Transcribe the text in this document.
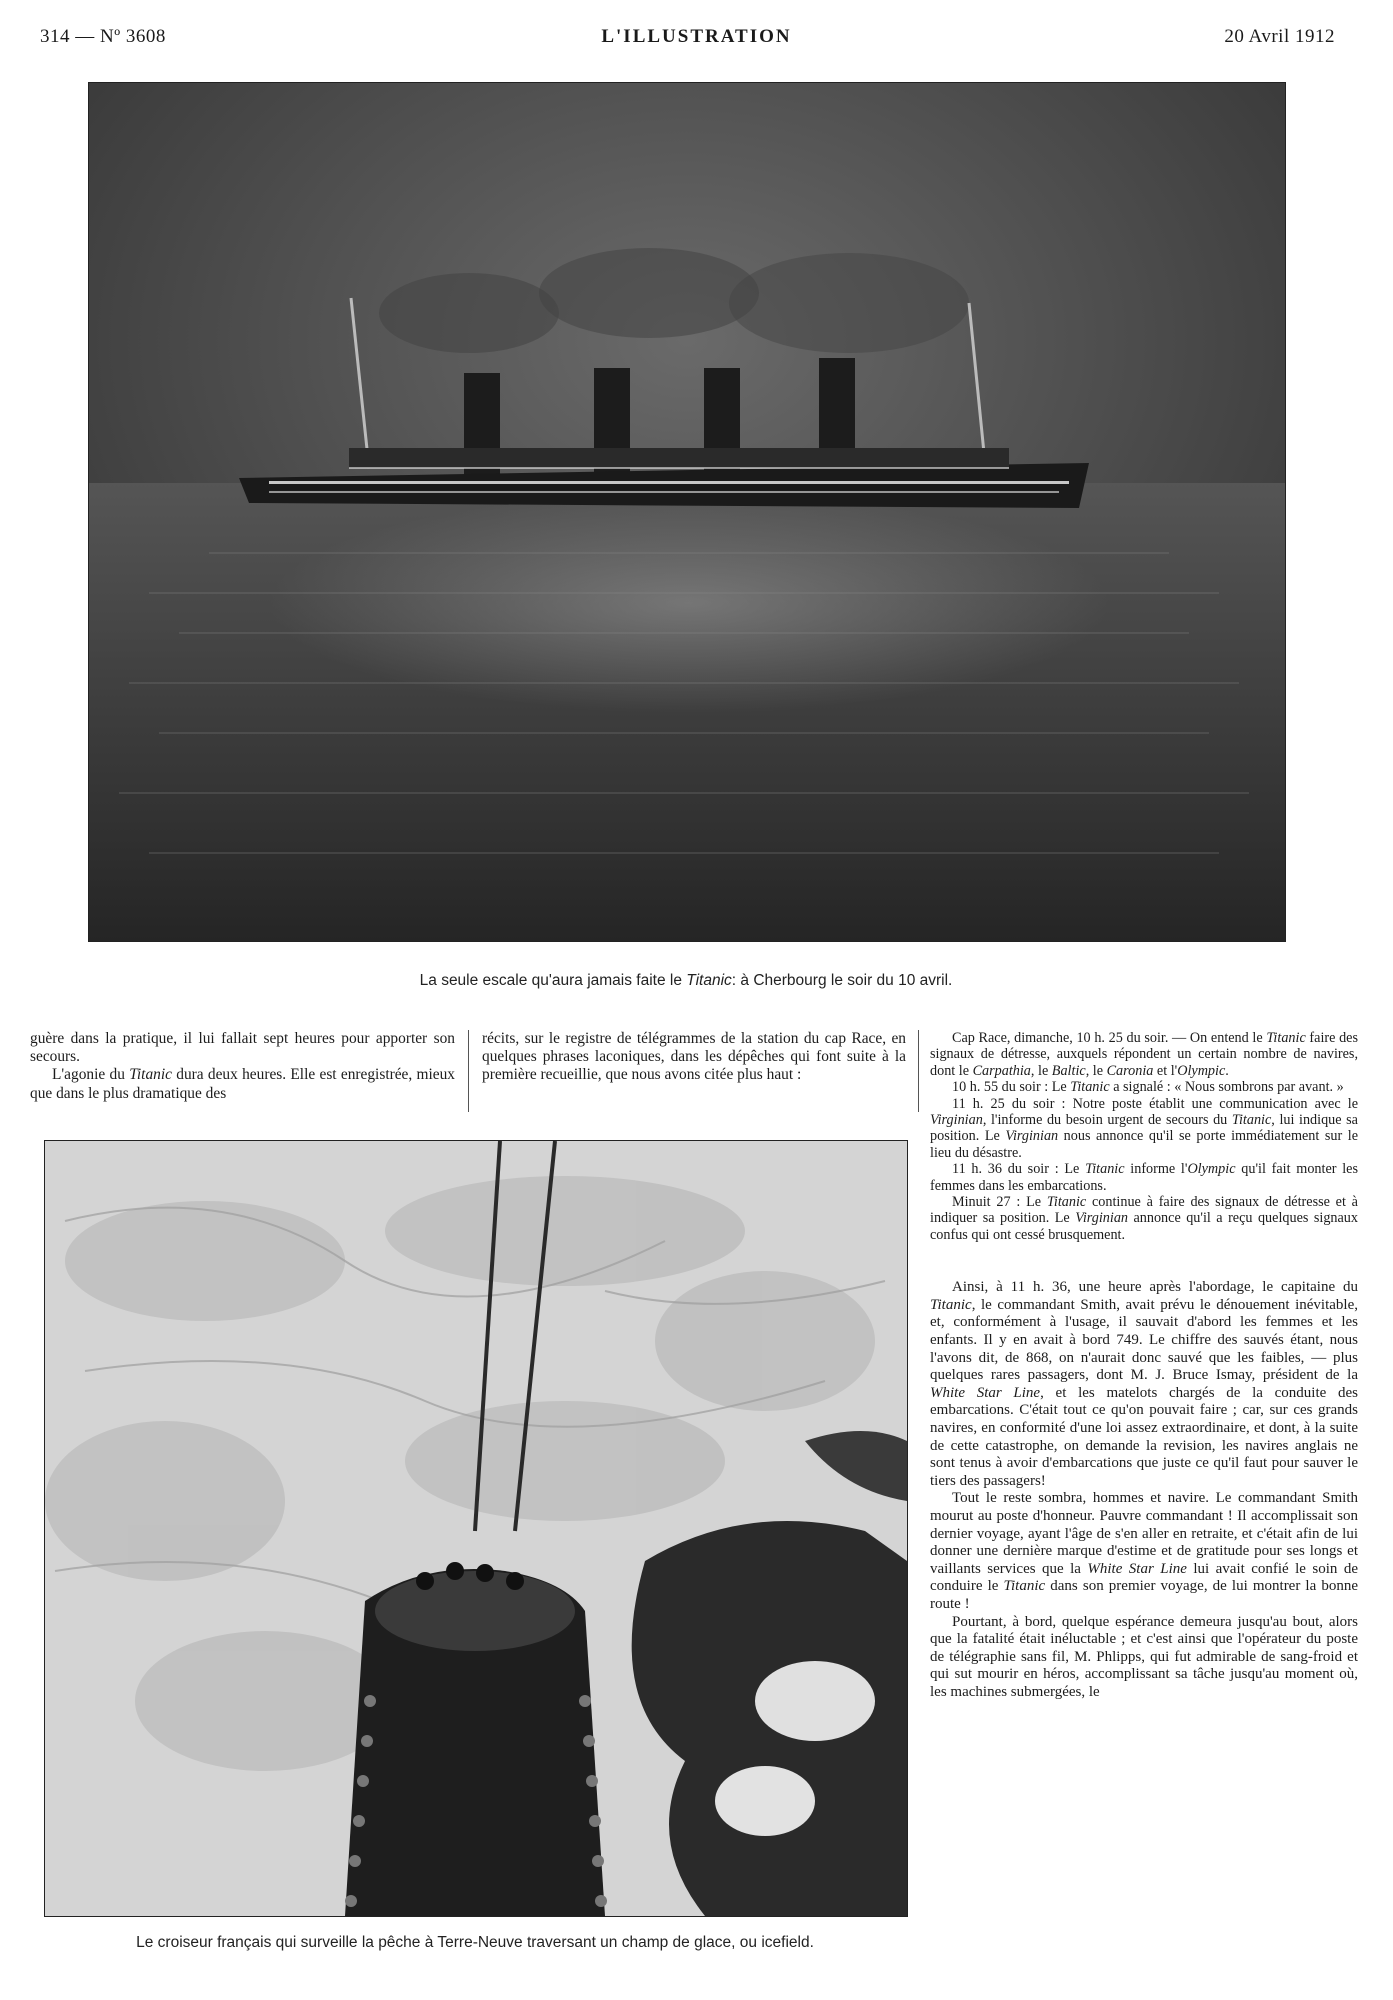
314 — Nº 3608	L'ILLUSTRATION	20 Avril 1912
La seule escale qu'aura jamais faite le Titanic: à Cherbourg le soir du 10 avril.

guère dans la pratique, il lui fallait sept heures pour apporter son secours.

L'agonie du Titanic dura deux heures. Elle est enregistrée, mieux que dans le plus dramatique des

récits, sur le registre de télégrammes de la station du cap Race, en quelques phrases laconiques, dans les dépêches qui font suite à la première recueillie, que nous avons citée plus haut :

Le croiseur français qui surveille la pêche à Terre-Neuve traversant un champ de glace, ou icefield.

Cap Race, dimanche, 10 h. 25 du soir. — On entend le Titanic faire des signaux de détresse, auxquels répondent un certain nombre de navires, dont le Carpathia, le Baltic, le Caronia et l'Olympic.

10 h. 55 du soir : Le Titanic a signalé : « Nous sombrons par avant. »

11 h. 25 du soir : Notre poste établit une communication avec le Virginian, l'informe du besoin urgent de secours du Titanic, lui indique sa position. Le Virginian nous annonce qu'il se porte immédiatement sur le lieu du désastre.

11 h. 36 du soir : Le Titanic informe l'Olympic qu'il fait monter les femmes dans les embarcations.

Minuit 27 : Le Titanic continue à faire des signaux de détresse et à indiquer sa position. Le Virginian annonce qu'il a reçu quelques signaux confus qui ont cessé brusquement.

Ainsi, à 11 h. 36, une heure après l'abordage, le capitaine du Titanic, le commandant Smith, avait prévu le dénouement inévitable, et, conformément à l'usage, il sauvait d'abord les femmes et les enfants. Il y en avait à bord 749. Le chiffre des sauvés étant, nous l'avons dit, de 868, on n'aurait donc sauvé que les faibles, — plus quelques rares passagers, dont M. J. Bruce Ismay, président de la White Star Line, et les matelots chargés de la conduite des embarcations. C'était tout ce qu'on pouvait faire ; car, sur ces grands navires, en conformité d'une loi assez extraordinaire, et dont, à la suite de cette catastrophe, on demande la revision, les navires anglais ne sont tenus à avoir d'embarcations que juste ce qu'il faut pour sauver le tiers des passagers!

Tout le reste sombra, hommes et navire. Le commandant Smith mourut au poste d'honneur. Pauvre commandant ! Il accomplissait son dernier voyage, ayant l'âge de s'en aller en retraite, et c'était afin de lui donner une dernière marque d'estime et de gratitude pour ses longs et vaillants services que la White Star Line lui avait confié le soin de conduire le Titanic dans son premier voyage, de lui montrer la bonne route !

Pourtant, à bord, quelque espérance demeura jusqu'au bout, alors que la fatalité était inéluctable ; et c'est ainsi que l'opérateur du poste de télégraphie sans fil, M. Phlipps, qui fut admirable de sang-froid et qui sut mourir en héros, accomplissant sa tâche jusqu'au moment où, les machines submergées, le
